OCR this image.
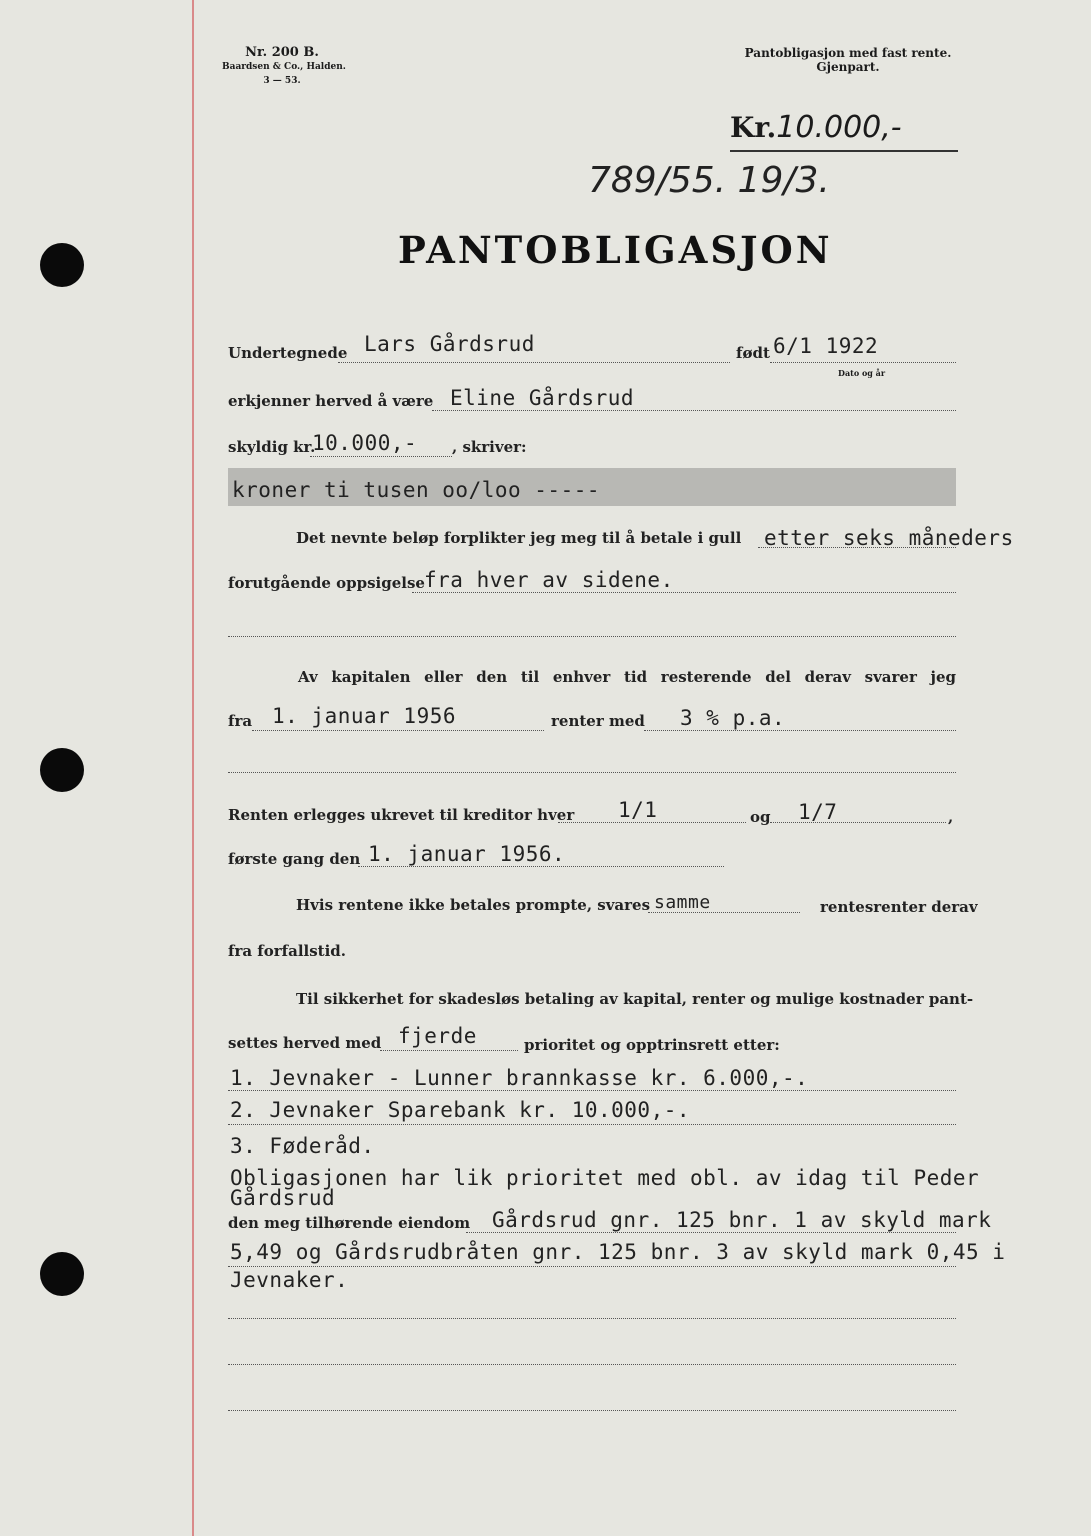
Nr. 200 B.
Baardsen & Co., Halden.
3 — 53.
Pantobligasjon med fast rente.
Gjenpart.
Kr.10.000,-
789/55. 19/3.
PANTOBLIGASJON
Undertegnede Lars Gårdsrud	født 6/1 1922
Dato og år
erkjenner herved å være Eline Gårdsrud
skyldig kr.
10.000,- , skriver:
kroner ti tusen oo/loo -----
Det nevnte beløp forplikter jeg meg til å betale i gull etter seks måneders
forutgående oppsigelse fra hver av sidene.
Av kapitalen eller den til enhver tid resterende del derav svarer jeg
fra 1. januar 1956	renter med 3 % p.a.
Renten erlegges ukrevet til kreditor hver 1/1	og 1/7	,
første gang den 1. januar 1956.
Hvis rentene ikke betales prompte, svares samme	rentesrenter derav
fra forfallstid.
Til sikkerhet for skadesløs betaling av kapital, renter og mulige kostnader pant-
settes herved med fjerde	prioritet og opptrinsrett etter:
1. Jevnaker - Lunner brannkasse kr. 6.000,-.
2. Jevnaker Sparebank kr. 10.000,-.
3. Føderåd.
Obligasjonen har lik prioritet med obl. av idag til Peder
Gårdsrud
den meg tilhørende eiendom Gårdsrud gnr. 125 bnr. 1 av skyld mark
5,49 og Gårdsrudbråten gnr. 125 bnr. 3 av skyld mark 0,45 i
Jevnaker.
